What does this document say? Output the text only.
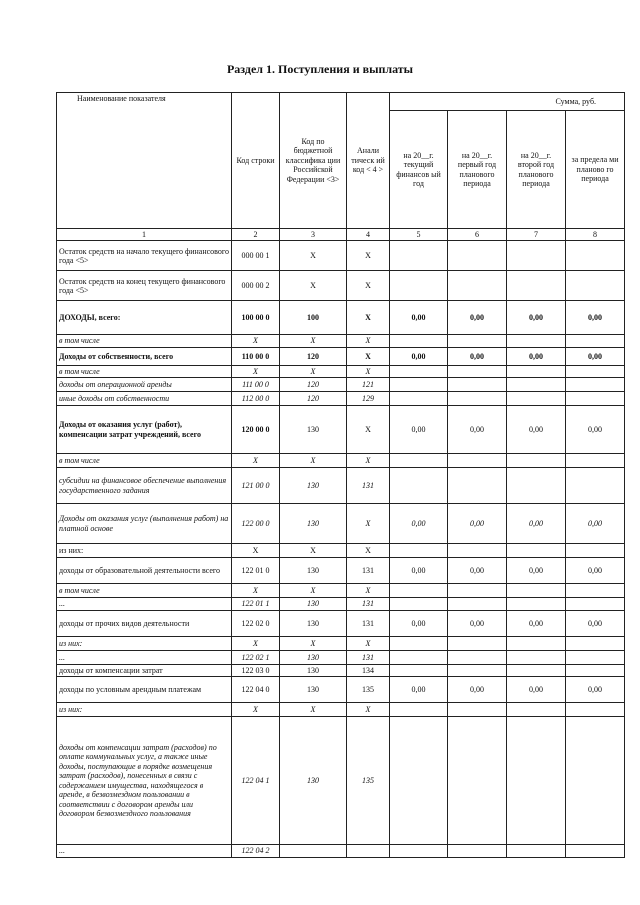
Раздел 1. Поступления и выплаты
Наименование показателя	Код строки	Код по бюджетной классифика ции Российской Федерации <3>	Анали тическ ий код < 4 >	Сумма, руб.			
				на 20__г. текущий финансов ый год	на 20__г. первый год планового периода	на 20__г. второй год планового периода	за предела ми планово го периода
1	2	3	4	5	6	7	8
Остаток средств на начало текущего финансового года <5>	000 00 1	X	X				
Остаток средств на конец текущего финансового года <5>	000 00 2	X	X				
ДОХОДЫ, всего:	100 00 0	100	X	0,00	0,00	0,00	0,00
в том числе	X	X	X				
Доходы от собственности, всего	110 00 0	120	X	0,00	0,00	0,00	0,00
в том числе	X	X	X				
доходы от операционной аренды	111 00 0	120	121				
иные доходы от собственности	112 00 0	120	129				
Доходы от оказания услуг (работ), компенсации затрат учреждений, всего	120 00 0	130	X	0,00	0,00	0,00	0,00
в том числе	X	X	X				
субсидии на финансовое обеспечение выполнения государственного задания	121 00 0	130	131				
Доходы от оказания услуг (выполнения работ) на платной основе	122 00 0	130	X	0,00	0,00	0,00	0,00
из них:	X	X	X				
доходы от образовательной деятельности всего	122 01 0	130	131	0,00	0,00	0,00	0,00
в том числе	X	X	X				
...	122 01 1	130	131				
доходы от прочих видов деятельности	122 02 0	130	131	0,00	0,00	0,00	0,00
из них:	X	X	X				
...	122 02 1	130	131				
доходы от компенсации затрат	122 03 0	130	134				
доходы по условным арендным платежам	122 04 0	130	135	0,00	0,00	0,00	0,00
из них:	X	X	X				
доходы от компенсации затрат (расходов) по оплате коммунальных услуг, а также иные доходы, поступающие в порядке возмещения затрат (расходов), понесенных в связи с содержанием имущества, находящегося в аренде, в безвозмездном пользовании в соответствии с договором аренды или договором безвозмездного пользования	122 04 1	130	135				
...	122 04 2						
